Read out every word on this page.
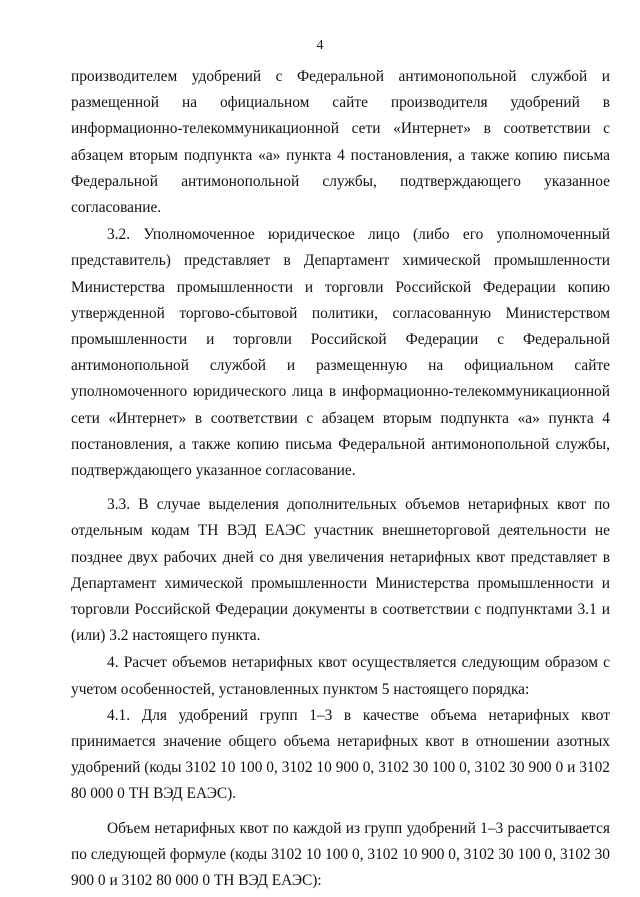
4

производителем удобрений с Федеральной антимонопольной службой и размещенной на официальном сайте производителя удобрений в информационно-телекоммуникационной сети «Интернет» в соответствии с абзацем вторым подпункта «а» пункта 4 постановления, а также копию письма Федеральной антимонопольной службы, подтверждающего указанное согласование.

3.2. Уполномоченное юридическое лицо (либо его уполномоченный представитель) представляет в Департамент химической промышленности Министерства промышленности и торговли Российской Федерации копию утвержденной торгово-сбытовой политики, согласованную Министерством промышленности и торговли Российской Федерации с Федеральной антимонопольной службой и размещенную на официальном сайте уполномоченного юридического лица в информационно-телекоммуникационной сети «Интернет» в соответствии с абзацем вторым подпункта «а» пункта 4 постановления, а также копию письма Федеральной антимонопольной службы, подтверждающего указанное согласование.

3.3. В случае выделения дополнительных объемов нетарифных квот по отдельным кодам ТН ВЭД ЕАЭС участник внешнеторговой деятельности не позднее двух рабочих дней со дня увеличения нетарифных квот представляет в Департамент химической промышленности Министерства промышленности и торговли Российской Федерации документы в соответствии с подпунктами 3.1 и (или) 3.2 настоящего пункта.

4. Расчет объемов нетарифных квот осуществляется следующим образом с учетом особенностей, установленных пунктом 5 настоящего порядка:

4.1. Для удобрений групп 1–3 в качестве объема нетарифных квот принимается значение общего объема нетарифных квот в отношении азотных удобрений (коды 3102 10 100 0, 3102 10 900 0, 3102 30 100 0, 3102 30 900 0 и 3102 80 000 0 ТН ВЭД ЕАЭС).

Объем нетарифных квот по каждой из групп удобрений 1–3 рассчитывается по следующей формуле (коды 3102 10 100 0, 3102 10 900 0, 3102 30 100 0, 3102 30 900 0 и 3102 80 000 0 ТН ВЭД ЕАЭС):
